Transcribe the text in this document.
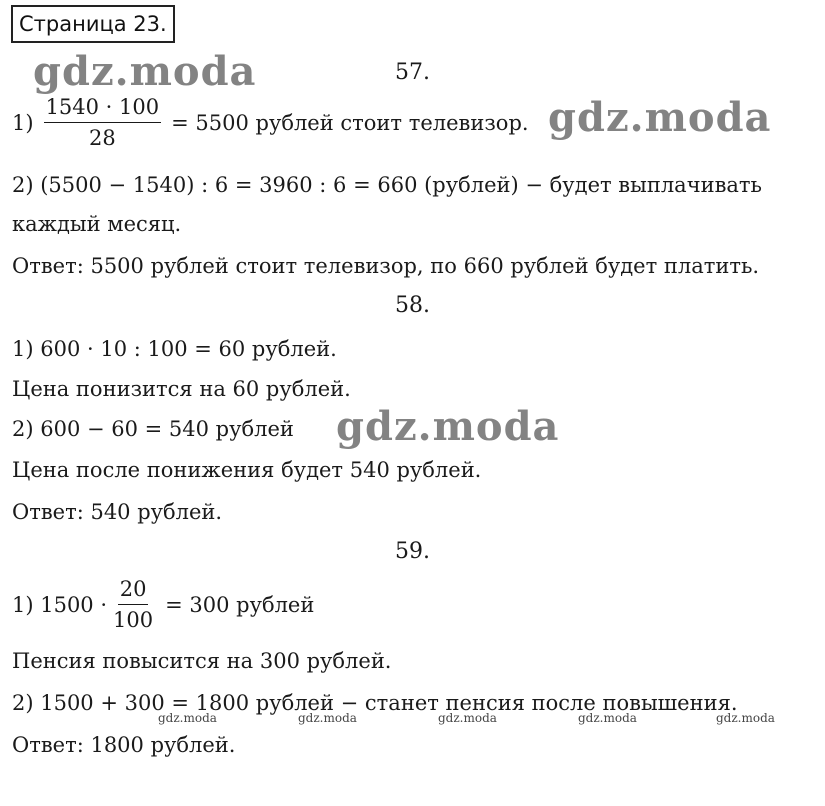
Страница 23.
57.
$1) \frac{1540 \cdot 100}{28} = 5500$ рублей стоит телевизор.
2) (5500 − 1540) : 6 = 3960 : 6 = 660 (рублей) − будет выплачивать
каждый месяц.
Ответ: 5500 рублей стоит телевизор, по 660 рублей будет платить.
58.
1) 600 · 10 : 100 = 60 рублей.
Цена понизится на 60 рублей.
2) 600 − 60 = 540 рублей
Цена после понижения будет 540 рублей.
Ответ: 540 рублей.
59.
1) $1500 \cdot \frac{20}{100} = 300$ рублей
Пенсия повысится на 300 рублей.
2) 1500 + 300 = 1800 рублей − станет пенсия после повышения.
Ответ: 1800 рублей.
gdz.moda
gdz.moda
gdz.moda
gdz.moda	gdz.moda	gdz.moda	gdz.moda	gdz.moda
